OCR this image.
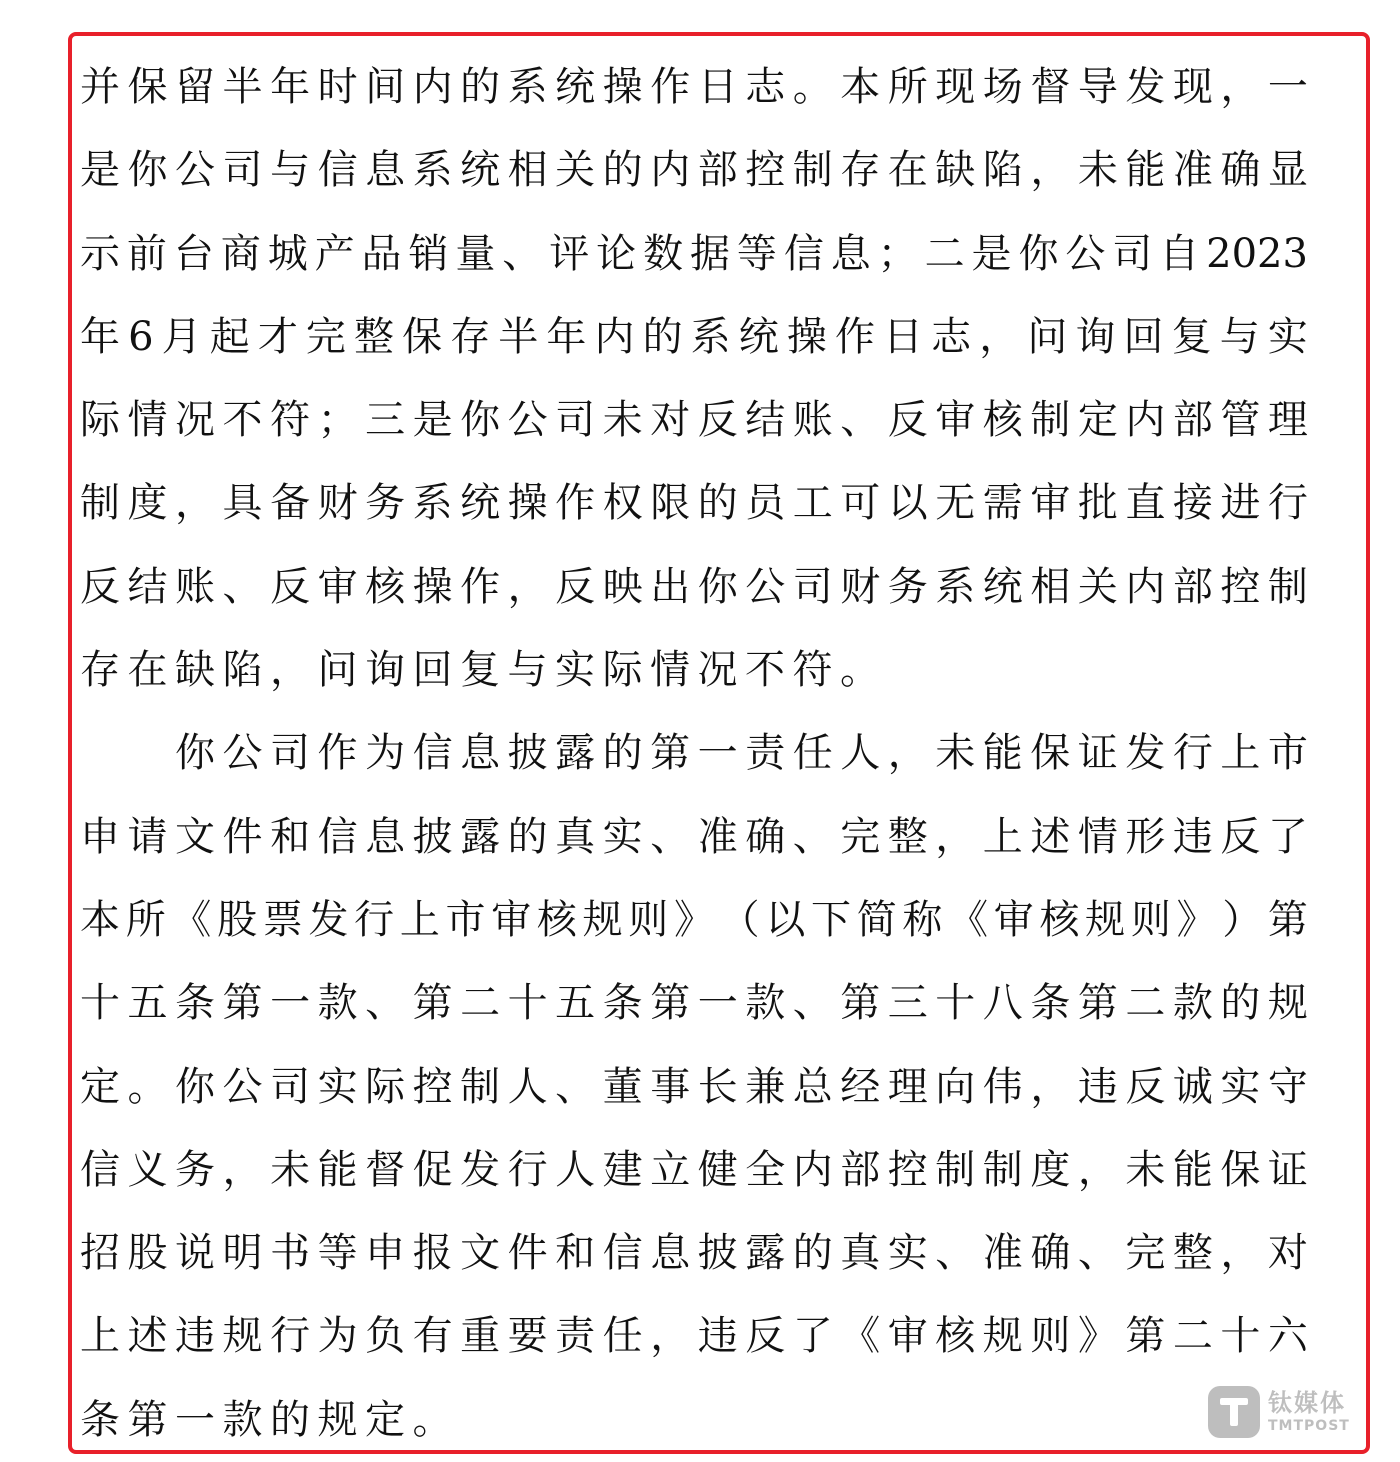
并 保 留 半 年 时 间 内 的 系 统 操 作 日 志 。 本 所 现 场 督 导 发 现 ， 一
是 你 公 司 与 信 息 系 统 相 关 的 内 部 控 制 存 在 缺 陷 ， 未 能 准 确 显
示 前 台 商 城 产 品 销 量 、 评 论 数 据 等 信 息 ； 二 是 你 公 司 自 2023
年 6 月 起 才 完 整 保 存 半 年 内 的 系 统 操 作 日 志 ， 问 询 回 复 与 实
际 情 况 不 符 ； 三 是 你 公 司 未 对 反 结 账 、 反 审 核 制 定 内 部 管 理
制 度 ， 具 备 财 务 系 统 操 作 权 限 的 员 工 可 以 无 需 审 批 直 接 进 行
反 结 账 、 反 审 核 操 作 ， 反 映 出 你 公 司 财 务 系 统 相 关 内 部 控 制
存 在 缺 陷 ， 问 询 回 复 与 实 际 情 况 不 符 。
你 公 司 作 为 信 息 披 露 的 第 一 责 任 人 ， 未 能 保 证 发 行 上 市
申 请 文 件 和 信 息 披 露 的 真 实 、 准 确 、 完 整 ， 上 述 情 形 违 反 了
本 所 《 股 票 发 行 上 市 审 核 规 则 》 （ 以 下 简 称 《 审 核 规 则 》 ） 第
十 五 条 第 一 款 、 第 二 十 五 条 第 一 款 、 第 三 十 八 条 第 二 款 的 规
定 。 你 公 司 实 际 控 制 人 、 董 事 长 兼 总 经 理 向 伟 ， 违 反 诚 实 守
信 义 务 ， 未 能 督 促 发 行 人 建 立 健 全 内 部 控 制 制 度 ， 未 能 保 证
招 股 说 明 书 等 申 报 文 件 和 信 息 披 露 的 真 实 、 准 确 、 完 整 ， 对
上 述 违 规 行 为 负 有 重 要 责 任 ， 违 反 了 《 审 核 规 则 》 第 二 十 六
条 第 一 款 的 规 定 。	钛媒体
TMTPOST
